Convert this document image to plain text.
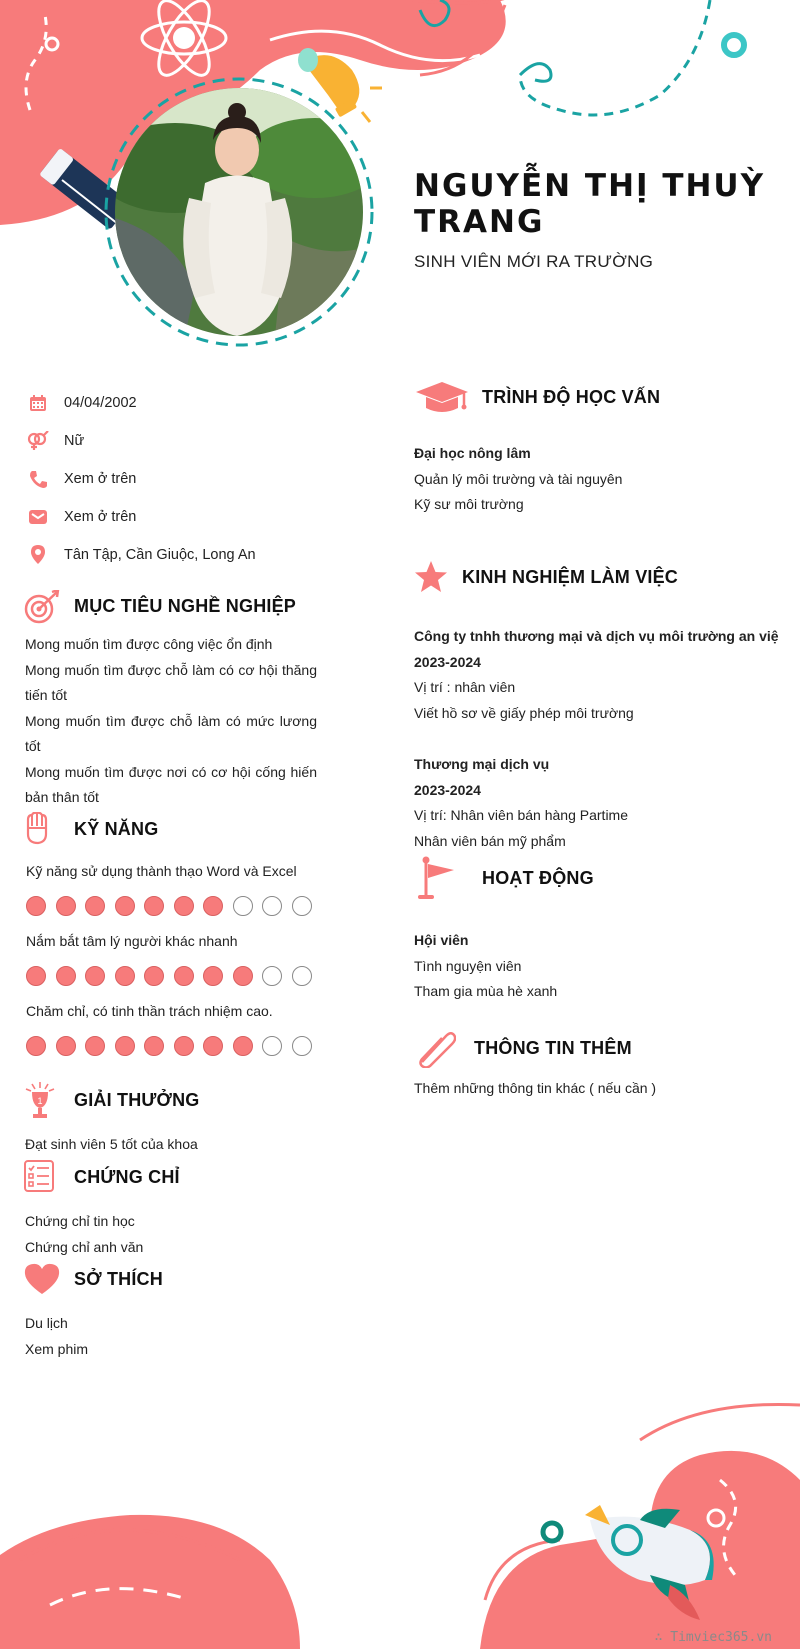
NGUYỄN THỊ THUỲ TRANG
SINH VIÊN MỚI RA TRƯỜNG
04/04/2002
Nữ
Xem ở trên
Xem ở trên
Tân Tập, Cần Giuộc, Long An
MỤC TIÊU NGHỀ NGHIỆP
Mong muốn tìm được công việc ổn định
Mong muốn tìm được chỗ làm có cơ hội thăng tiến tốt
Mong muốn tìm được chỗ làm có mức lương tốt
Mong muốn tìm được nơi có cơ hội cống hiến bản thân tốt
KỸ NĂNG
Kỹ năng sử dụng thành thạo Word và Excel
Nắm bắt tâm lý người khác nhanh
Chăm chỉ, có tinh thần trách nhiệm cao.
1 GIẢI THƯỞNG
Đạt sinh viên 5 tốt của khoa
CHỨNG CHỈ
Chứng chỉ tin học
Chứng chỉ anh văn
SỞ THÍCH
Du lịch
Xem phim
TRÌNH ĐỘ HỌC VẤN
Đại học nông lâm
Quản lý môi trường và tài nguyên
Kỹ sư môi trường
KINH NGHIỆM LÀM VIỆC
Công ty tnhh thương mại và dịch vụ môi trường an việ
2023-2024
Vị trí : nhân viên
Viết hồ sơ về giấy phép môi trường
Thương mại dịch vụ
2023-2024
Vị trí: Nhân viên bán hàng Partime
Nhân viên bán mỹ phẩm
HOẠT ĐỘNG
Hội viên
Tình nguyện viên
Tham gia mùa hè xanh
THÔNG TIN THÊM
Thêm những thông tin khác ( nếu cần )
∴ Timviec365.vn
